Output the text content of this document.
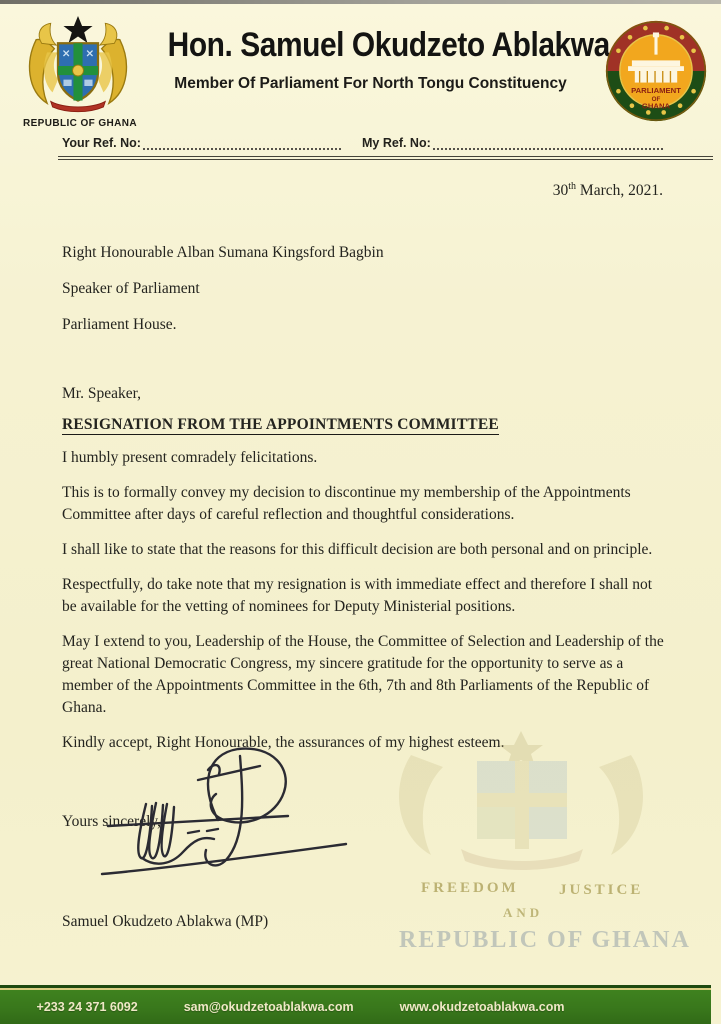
REPUBLIC OF GHANA
Hon. Samuel Okudzeto Ablakwa
Member Of Parliament For North Tongu Constituency	PARLIAMENT
OF
GHANA
Your Ref. No:	My Ref. No:
30th March, 2021.

Right Honourable Alban Sumana Kingsford Bagbin

Speaker of Parliament

Parliament House.

Mr. Speaker,

RESIGNATION FROM THE APPOINTMENTS COMMITTEE

I humbly present comradely felicitations.

This is to formally convey my decision to discontinue my membership of the Appointments Committee after days of careful reflection and thoughtful considerations.

I shall like to state that the reasons for this difficult decision are both personal and on principle.

Respectfully, do take note that my resignation is with immediate effect and therefore I shall not be available for the vetting of nominees for Deputy Ministerial positions.

May I extend to you, Leadership of the House, the Committee of Selection and Leadership of the great National Democratic Congress, my sincere gratitude for the opportunity to serve as a member of the Appointments Committee in the 6th, 7th and 8th Parliaments of the Republic of Ghana.

Kindly accept, Right Honourable, the assurances of my highest esteem.

Yours sincerely,

Samuel Okudzeto Ablakwa (MP)

FREEDOM	JUSTICE
AND
REPUBLIC OF GHANA
+233 24 371 6092	sam@okudzetoablakwa.com	www.okudzetoablakwa.com
